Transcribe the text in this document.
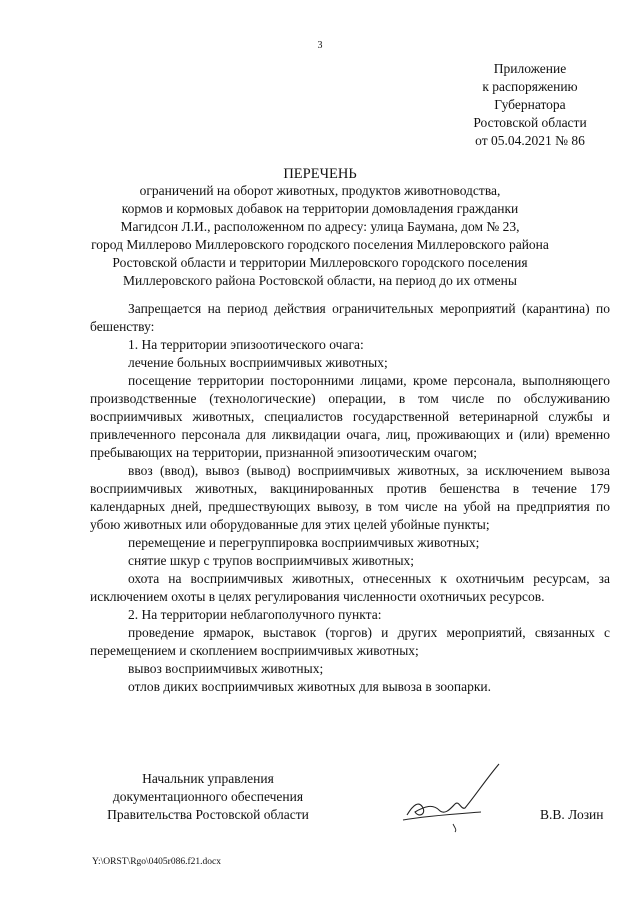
3
Приложение
к распоряжению
Губернатора
Ростовской области
от 05.04.2021 № 86
ПЕРЕЧЕНЬ
ограничений на оборот животных, продуктов животноводства,
кормов и кормовых добавок на территории домовладения гражданки
Магидсон Л.И., расположенном по адресу: улица Баумана, дом № 23,
город Миллерово Миллеровского городского поселения Миллеровского района
Ростовской области и территории Миллеровского городского поселения
Миллеровского района Ростовской области, на период до их отмены

Запрещается на период действия ограничительных мероприятий (карантина) по бешенству:

1. На территории эпизоотического очага:

лечение больных восприимчивых животных;

посещение территории посторонними лицами, кроме персонала, выполняющего производственные (технологические) операции, в том числе по обслуживанию восприимчивых животных, специалистов государственной ветеринарной службы и привлеченного персонала для ликвидации очага, лиц, проживающих и (или) временно пребывающих на территории, признанной эпизоотическим очагом;

ввоз (ввод), вывоз (вывод) восприимчивых животных, за исключением вывоза восприимчивых животных, вакцинированных против бешенства в течение 179 календарных дней, предшествующих вывозу, в том числе на убой на предприятия по убою животных или оборудованные для этих целей убойные пункты;

перемещение и перегруппировка восприимчивых животных;

снятие шкур с трупов восприимчивых животных;

охота на восприимчивых животных, отнесенных к охотничьим ресурсам, за исключением охоты в целях регулирования численности охотничьих ресурсов.

2. На территории неблагополучного пункта:

проведение ярмарок, выставок (торгов) и других мероприятий, связанных с перемещением и скоплением восприимчивых животных;

вывоз восприимчивых животных;

отлов диких восприимчивых животных для вывоза в зоопарки.

Начальник управления
документационного обеспечения
Правительства Ростовской области	В.В. Лозин
Y:\ORST\Rgo\0405r086.f21.docx
